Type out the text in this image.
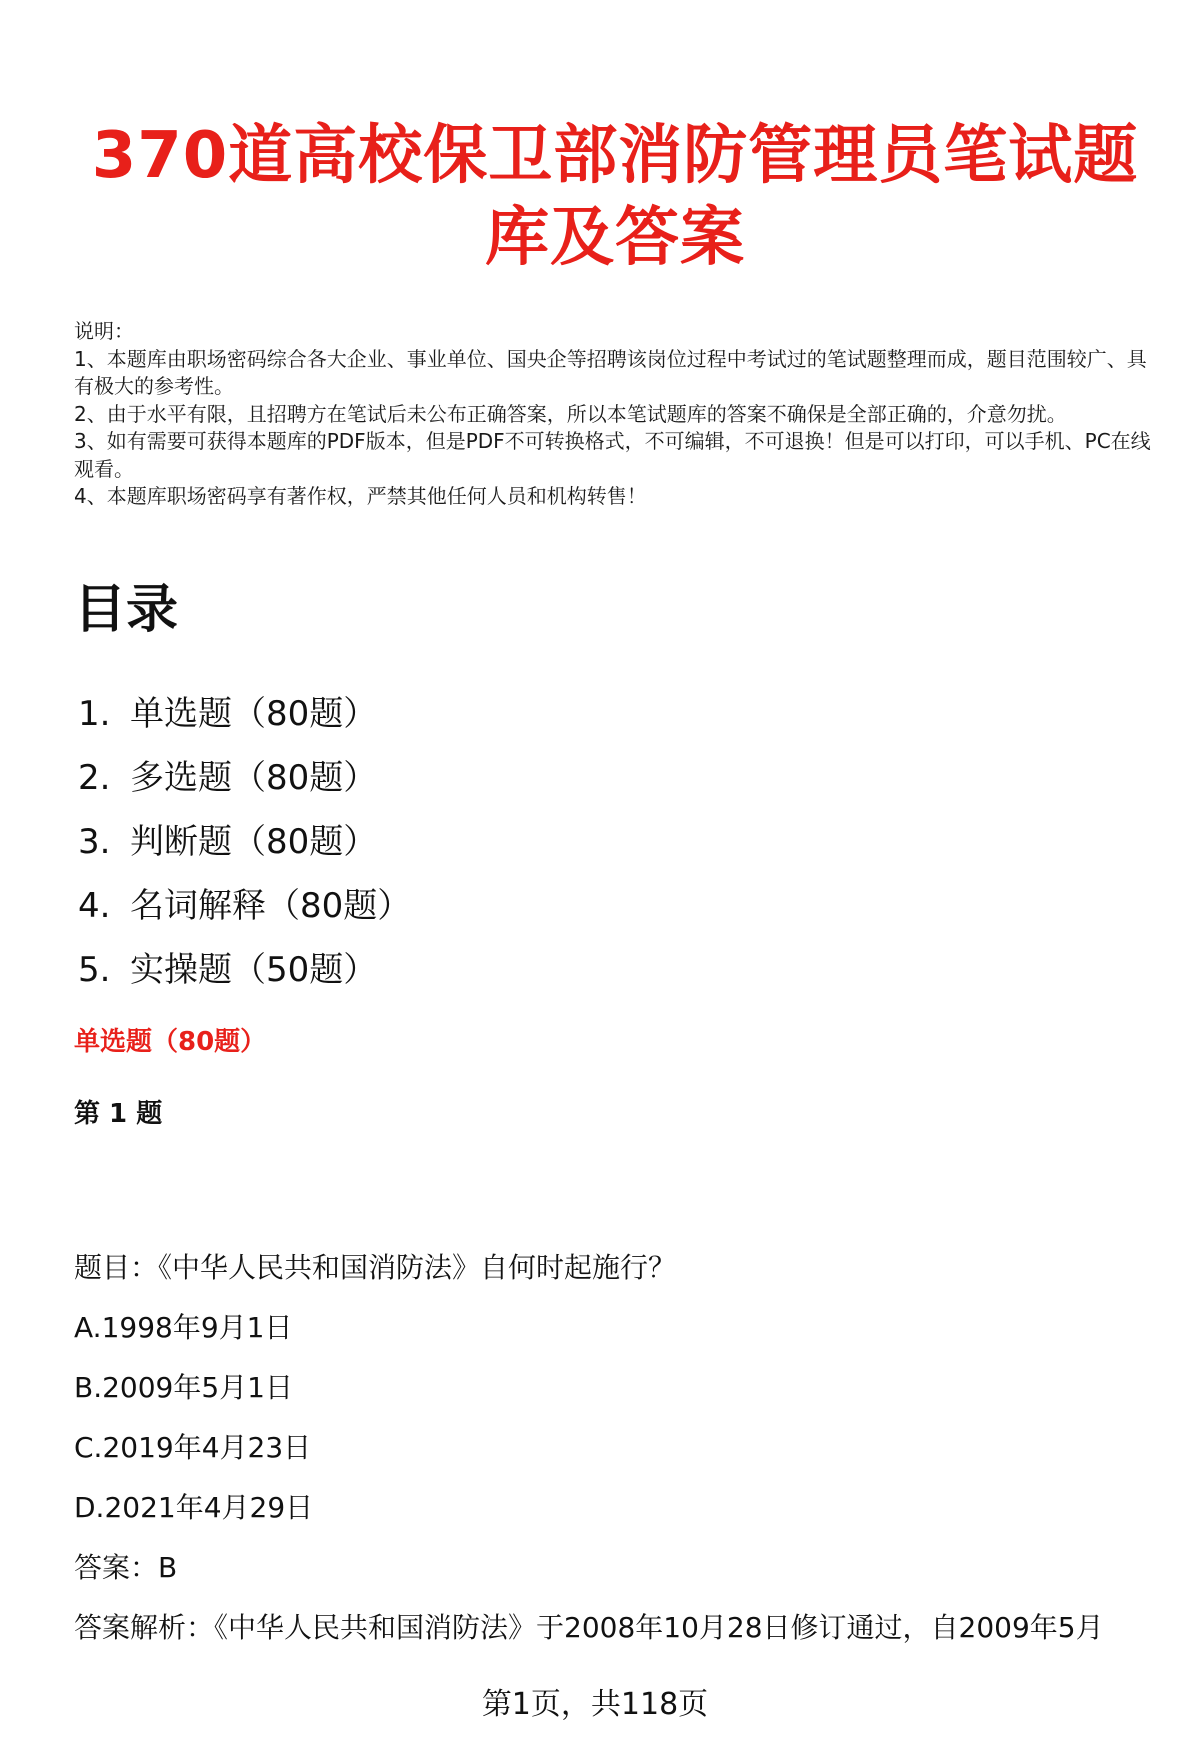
370道高校保卫部消防管理员笔试题
库及答案

说明：

1、本题库由职场密码综合各大企业、事业单位、国央企等招聘该岗位过程中考试过的笔试题整理而成，题目范围较广、具有极大的参考性。

2、由于水平有限，且招聘方在笔试后未公布正确答案，所以本笔试题库的答案不确保是全部正确的，介意勿扰。

3、如有需要可获得本题库的PDF版本，但是PDF不可转换格式，不可编辑，不可退换！但是可以打印，可以手机、PC在线观看。

4、本题库职场密码享有著作权，严禁其他任何人员和机构转售！

目录
1. 单选题（80题）
2. 多选题（80题）
3. 判断题（80题）
4. 名词解释（80题）
5. 实操题（50题）
单选题（80题）
第 1 题
题目：《中华人民共和国消防法》自何时起施行？
A.1998年9月1日
B.2009年5月1日
C.2019年4月23日
D.2021年4月29日
答案：B
答案解析：《中华人民共和国消防法》于2008年10月28日修订通过，自2009年5月
第1页，共118页
